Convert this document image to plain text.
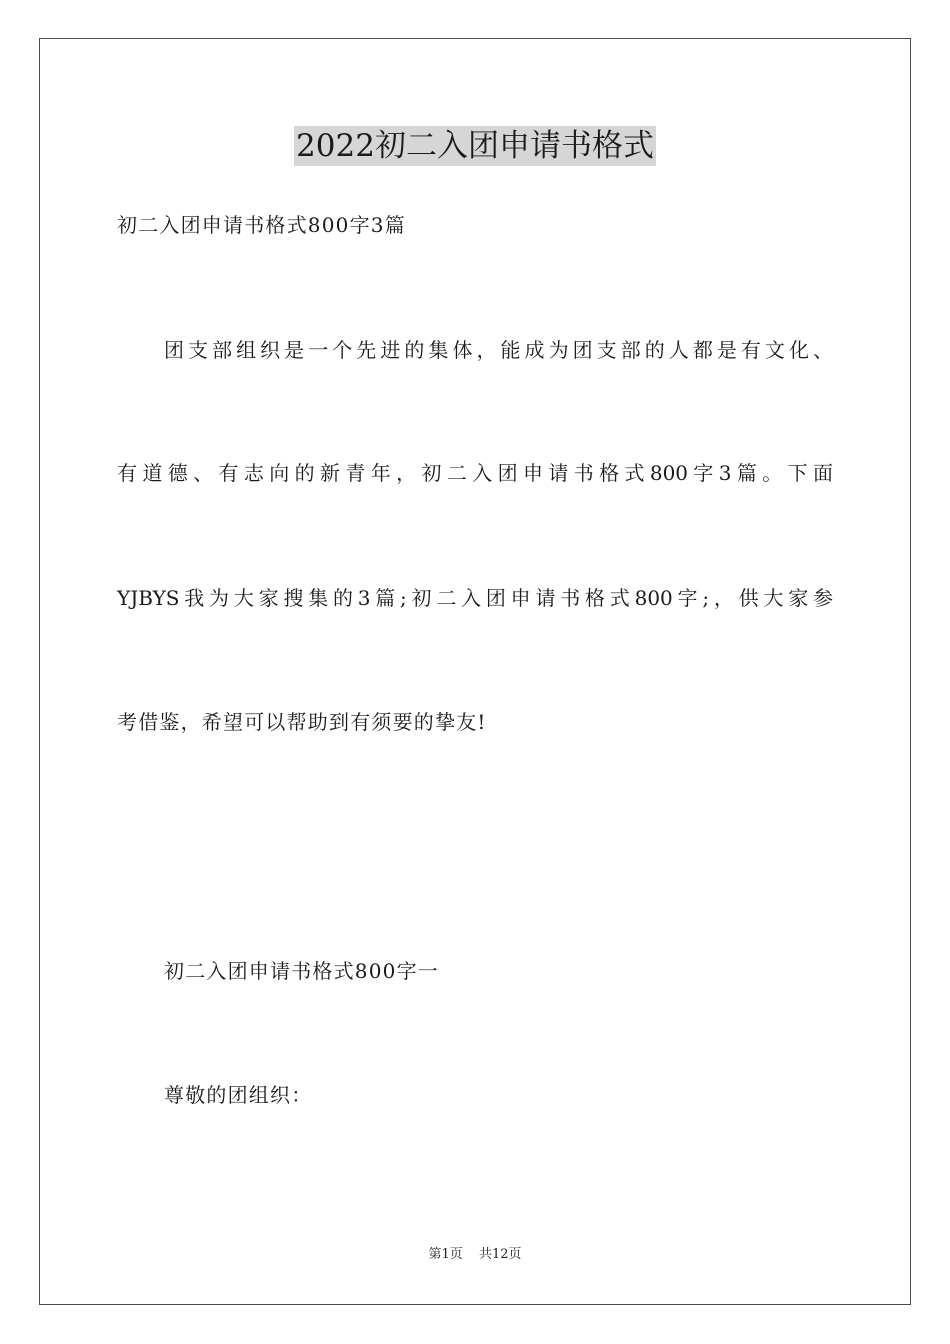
2022初二入团申请书格式
初二入团申请书格式800字3篇
团支部组织是一个先进的集体，能成为团支部的人都是有文化、
有道德、有志向的新青年，初二入团申请书格式800字3篇。下面
YJBYS我为大家搜集的3篇;初二入团申请书格式800字;，供大家参
考借鉴，希望可以帮助到有须要的挚友!
初二入团申请书格式800字一
尊敬的团组织：
第1页 共12页
